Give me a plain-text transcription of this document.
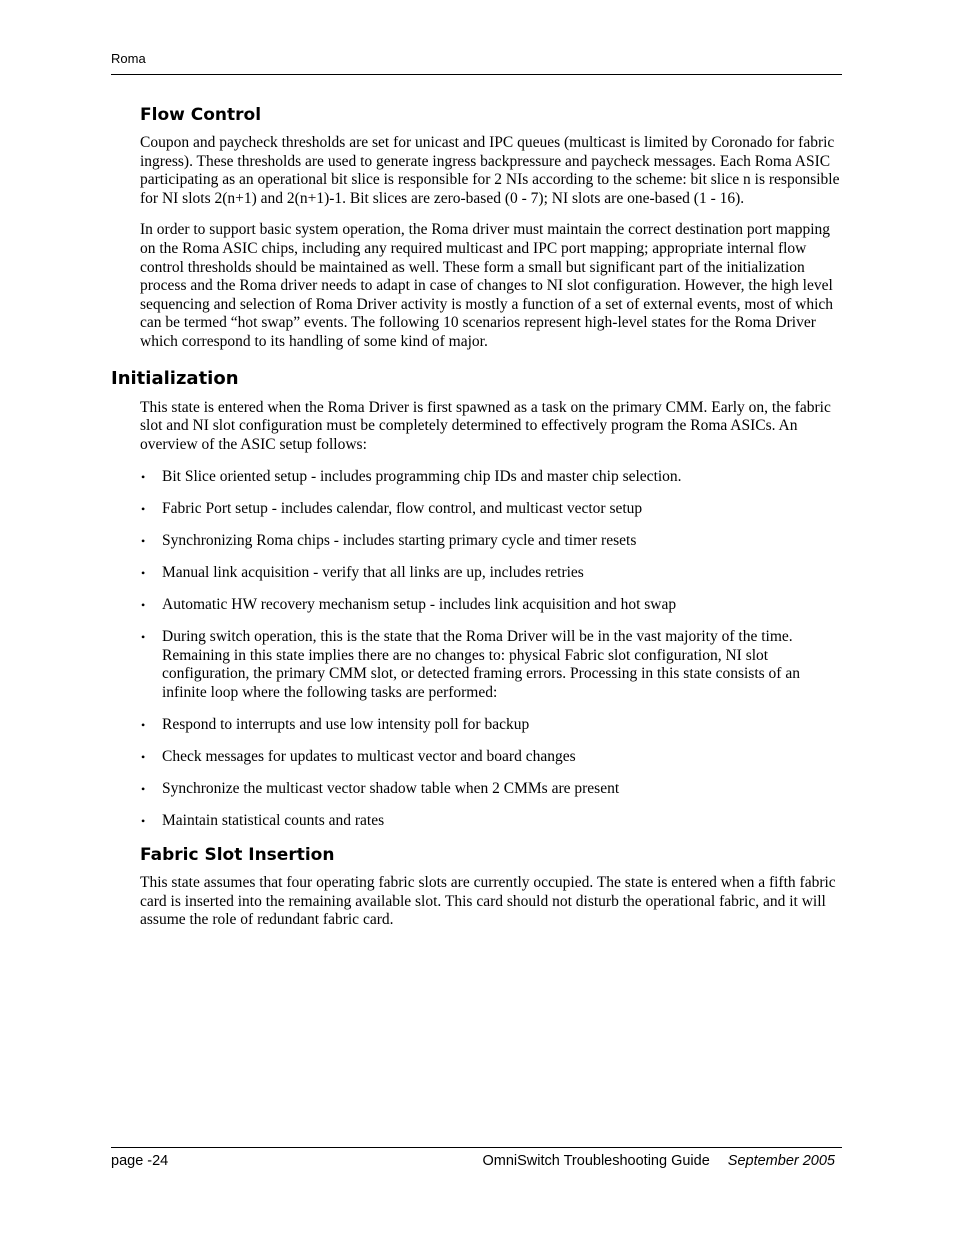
Roma
Flow Control

Coupon and paycheck thresholds are set for unicast and IPC queues (multicast is limited by Coronado for fabric ingress). These thresholds are used to generate ingress backpressure and paycheck messages. Each Roma ASIC participating as an operational bit slice is responsible for 2 NIs according to the scheme: bit slice n is responsible for NI slots 2(n+1) and 2(n+1)-1. Bit slices are zero-based (0 - 7); NI slots are one-based (1 - 16).

In order to support basic system operation, the Roma driver must maintain the correct destination port mapping on the Roma ASIC chips, including any required multicast and IPC port mapping; appropriate internal flow control thresholds should be maintained as well. These form a small but significant part of the initialization process and the Roma driver needs to adapt in case of changes to NI slot configuration. However, the high level sequencing and selection of Roma Driver activity is mostly a function of a set of external events, most of which can be termed “hot swap” events. The following 10 scenarios represent high-level states for the Roma Driver which correspond to its handling of some kind of major.

Initialization

This state is entered when the Roma Driver is first spawned as a task on the primary CMM. Early on, the fabric slot and NI slot configuration must be completely determined to effectively program the Roma ASICs. An overview of the ASIC setup follows:

• Bit Slice oriented setup - includes programming chip IDs and master chip selection.
• Fabric Port setup - includes calendar, flow control, and multicast vector setup
• Synchronizing Roma chips - includes starting primary cycle and timer resets
• Manual link acquisition - verify that all links are up, includes retries
• Automatic HW recovery mechanism setup - includes link acquisition and hot swap
• During switch operation, this is the state that the Roma Driver will be in the vast majority of the time. Remaining in this state implies there are no changes to: physical Fabric slot configuration, NI slot configuration, the primary CMM slot, or detected framing errors. Processing in this state consists of an infinite loop where the following tasks are performed:
• Respond to interrupts and use low intensity poll for backup
• Check messages for updates to multicast vector and board changes
• Synchronize the multicast vector shadow table when 2 CMMs are present
• Maintain statistical counts and rates
Fabric Slot Insertion

This state assumes that four operating fabric slots are currently occupied. The state is entered when a fifth fabric card is inserted into the remaining available slot. This card should not disturb the operational fabric, and it will assume the role of redundant fabric card.

page -24	OmniSwitch Troubleshooting Guide September 2005
